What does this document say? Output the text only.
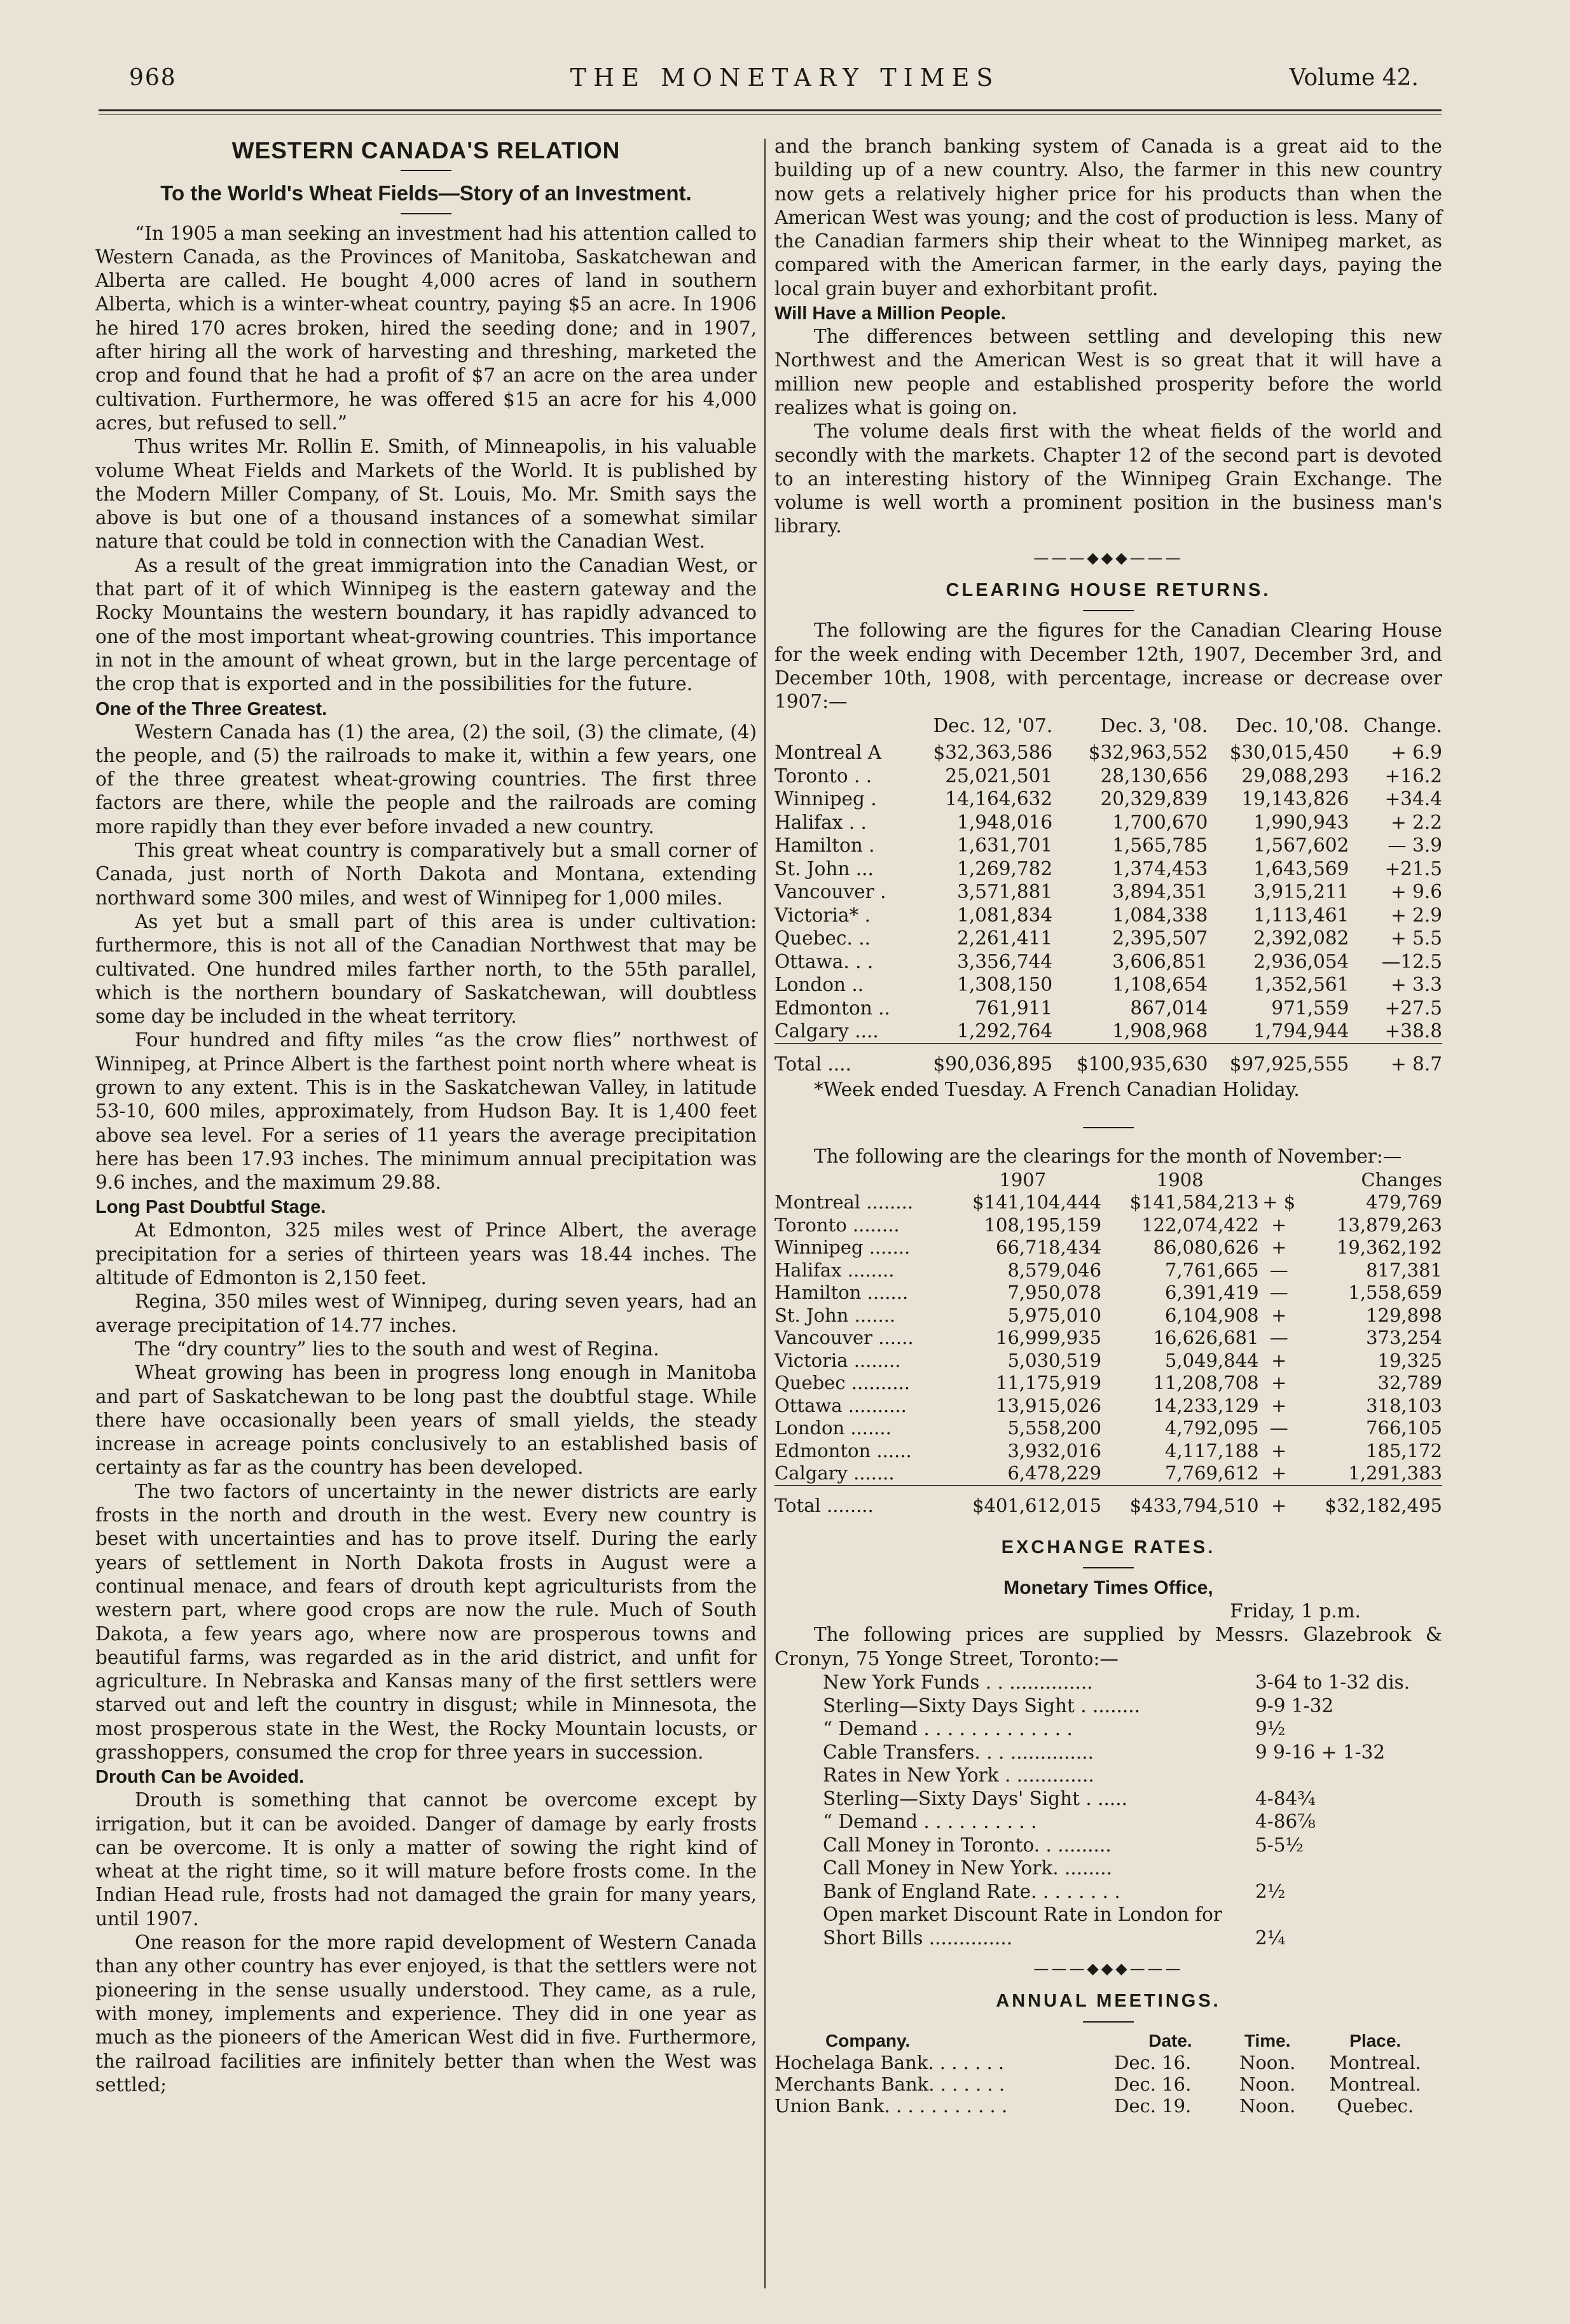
968	THE MONETARY TIMES	Volume 42.
WESTERN CANADA'S RELATION
To the World's Wheat Fields—Story of an Investment.

“In 1905 a man seeking an investment had his attention called to Western Canada, as the Provinces of Manitoba, Saskatchewan and Alberta are called. He bought 4,000 acres of land in southern Alberta, which is a winter-wheat country, paying $5 an acre. In 1906 he hired 170 acres broken, hired the seeding done; and in 1907, after hiring all the work of harvesting and threshing, marketed the crop and found that he had a profit of $7 an acre on the area under cultivation. Furthermore, he was offered $15 an acre for his 4,000 acres, but refused to sell.”

Thus writes Mr. Rollin E. Smith, of Minneapolis, in his valuable volume Wheat Fields and Markets of the World. It is published by the Modern Miller Company, of St. Louis, Mo. Mr. Smith says the above is but one of a thousand instances of a somewhat similar nature that could be told in connection with the Canadian West.

As a result of the great immigration into the Canadian West, or that part of it of which Winnipeg is the eastern gateway and the Rocky Mountains the western boundary, it has rapidly advanced to one of the most important wheat-growing countries. This importance in not in the amount of wheat grown, but in the large percentage of the crop that is exported and in the possibilities for the future.

One of the Three Greatest.

Western Canada has (1) the area, (2) the soil, (3) the climate, (4) the people, and (5) the railroads to make it, within a few years, one of the three greatest wheat-growing countries. The first three factors are there, while the people and the railroads are coming more rapidly than they ever before invaded a new country.

This great wheat country is comparatively but a small corner of Canada, just north of North Dakota and Montana, extending northward some 300 miles, and west of Winnipeg for 1,000 miles.

As yet but a small part of this area is under cultivation: furthermore, this is not all of the Canadian Northwest that may be cultivated. One hundred miles farther north, to the 55th parallel, which is the northern boundary of Saskatchewan, will doubtless some day be included in the wheat territory.

Four hundred and fifty miles “as the crow flies” northwest of Winnipeg, at Prince Albert is the farthest point north where wheat is grown to any extent. This is in the Saskatchewan Valley, in latitude 53-10, 600 miles, approximately, from Hudson Bay. It is 1,400 feet above sea level. For a series of 11 years the average precipitation here has been 17.93 inches. The minimum annual precipitation was 9.6 inches, and the maximum 29.88.

Long Past Doubtful Stage.

At Edmonton, 325 miles west of Prince Albert, the average precipitation for a series of thirteen years was 18.44 inches. The altitude of Edmonton is 2,150 feet.

Regina, 350 miles west of Winnipeg, during seven years, had an average precipitation of 14.77 inches.

The “dry country” lies to the south and west of Regina.

Wheat growing has been in progress long enough in Manitoba and part of Saskatchewan to be long past the doubtful stage. While there have occasionally been years of small yields, the steady increase in acreage points conclusively to an established basis of certainty as far as the country has been developed.

The two factors of uncertainty in the newer districts are early frosts in the north and drouth in the west. Every new country is beset with uncertainties and has to prove itself. During the early years of settlement in North Dakota frosts in August were a continual menace, and fears of drouth kept agriculturists from the western part, where good crops are now the rule. Much of South Dakota, a few years ago, where now are prosperous towns and beautiful farms, was regarded as in the arid district, and unfit for agriculture. In Nebraska and Kansas many of the first settlers were starved out and left the country in disgust; while in Minnesota, the most prosperous state in the West, the Rocky Mountain locusts, or grasshoppers, consumed the crop for three years in succession.

Drouth Can be Avoided.

Drouth is something that cannot be overcome except by irrigation, but it can be avoided. Danger of damage by early frosts can be overcome. It is only a matter of sowing the right kind of wheat at the right time, so it will mature before frosts come. In the Indian Head rule, frosts had not damaged the grain for many years, until 1907.

One reason for the more rapid development of Western Canada than any other country has ever enjoyed, is that the settlers were not pioneering in the sense usually understood. They came, as a rule, with money, implements and experience. They did in one year as much as the pioneers of the American West did in five. Furthermore, the railroad facilities are infinitely better than when the West was settled;

and the branch banking system of Canada is a great aid to the building up of a new country. Also, the farmer in this new country now gets a relatively higher price for his products than when the American West was young; and the cost of production is less. Many of the Canadian farmers ship their wheat to the Winnipeg market, as compared with the American farmer, in the early days, paying the local grain buyer and exhorbitant profit.

Will Have a Million People.

The differences between settling and developing this new Northwest and the American West is so great that it will have a million new people and established prosperity before the world realizes what is going on.

The volume deals first with the wheat fields of the world and secondly with the markets. Chapter 12 of the second part is devoted to an interesting history of the Winnipeg Grain Exchange. The volume is well worth a prominent position in the business man's library.

———◆◆◆———
CLEARING HOUSE RETURNS.

The following are the figures for the Canadian Clearing House for the week ending with December 12th, 1907, December 3rd, and December 10th, 1908, with percentage, increase or decrease over 1907:—

	Dec. 12, '07.	Dec. 3, '08.	Dec. 10,'08.	Change.
Montreal A	$32,363,586	$32,963,552	$30,015,450	+ 6.9
Toronto . .	25,021,501	28,130,656	29,088,293	+16.2
Winnipeg .	14,164,632	20,329,839	19,143,826	+34.4
Halifax . .	1,948,016	1,700,670	1,990,943	+ 2.2
Hamilton .	1,631,701	1,565,785	1,567,602	— 3.9
St. John ...	1,269,782	1,374,453	1,643,569	+21.5
Vancouver .	3,571,881	3,894,351	3,915,211	+ 9.6
Victoria* .	1,081,834	1,084,338	1,113,461	+ 2.9
Quebec. ..	2,261,411	2,395,507	2,392,082	+ 5.5
Ottawa. . .	3,356,744	3,606,851	2,936,054	—12.5
London ..	1,308,150	1,108,654	1,352,561	+ 3.3
Edmonton ..	761,911	867,014	971,559	+27.5
Calgary ....	1,292,764	1,908,968	1,794,944	+38.8

Total ....	$90,036,895	$100,935,630	$97,925,555	+ 8.7

*Week ended Tuesday. A French Canadian Holiday.

The following are the clearings for the month of November:—

	1907	1908		Changes
Montreal ........	$141,104,444	$141,584,213	+ $	479,769
Toronto ........	108,195,159	122,074,422	+	13,879,263
Winnipeg .......	66,718,434	86,080,626	+	19,362,192
Halifax ........	8,579,046	7,761,665	—	817,381
Hamilton .......	7,950,078	6,391,419	—	1,558,659
St. John .......	5,975,010	6,104,908	+	129,898
Vancouver ......	16,999,935	16,626,681	—	373,254
Victoria ........	5,030,519	5,049,844	+	19,325
Quebec ..........	11,175,919	11,208,708	+	32,789
Ottawa ..........	13,915,026	14,233,129	+	318,103
London .......	5,558,200	4,792,095	—	766,105
Edmonton ......	3,932,016	4,117,188	+	185,172
Calgary .......	6,478,229	7,769,612	+	1,291,383

Total ........	$401,612,015	$433,794,510	+	$32,182,495
EXCHANGE RATES.
Monetary Times Office,
Friday, 1 p.m.

The following prices are supplied by Messrs. Glazebrook & Cronyn, 75 Yonge Street, Toronto:—

New York Funds . . ..............	3-64 to 1-32 dis.
Sterling—Sixty Days Sight . ........	9-9 1-32
“ Demand . . . . . . . . . . . . .	9½
Cable Transfers. . . ..............	9 9-16 + 1-32
Rates in New York . .............	
Sterling—Sixty Days' Sight . .....	4-84¾
“ Demand . . . . . . . . . .	4-86⅞
Call Money in Toronto. . .........	5-5½
Call Money in New York. ........	
Bank of England Rate. . . . . . . .	2½
Open market Discount Rate in London for Short Bills ..............	2¼
———◆◆◆———
ANNUAL MEETINGS.
Company.	Date.	Time.	Place.
Hochelaga Bank. . . . . . .	Dec. 16.	Noon.	Montreal.
Merchants Bank. . . . . . .	Dec. 16.	Noon.	Montreal.
Union Bank. . . . . . . . . . .	Dec. 19.	Noon.	Quebec.
